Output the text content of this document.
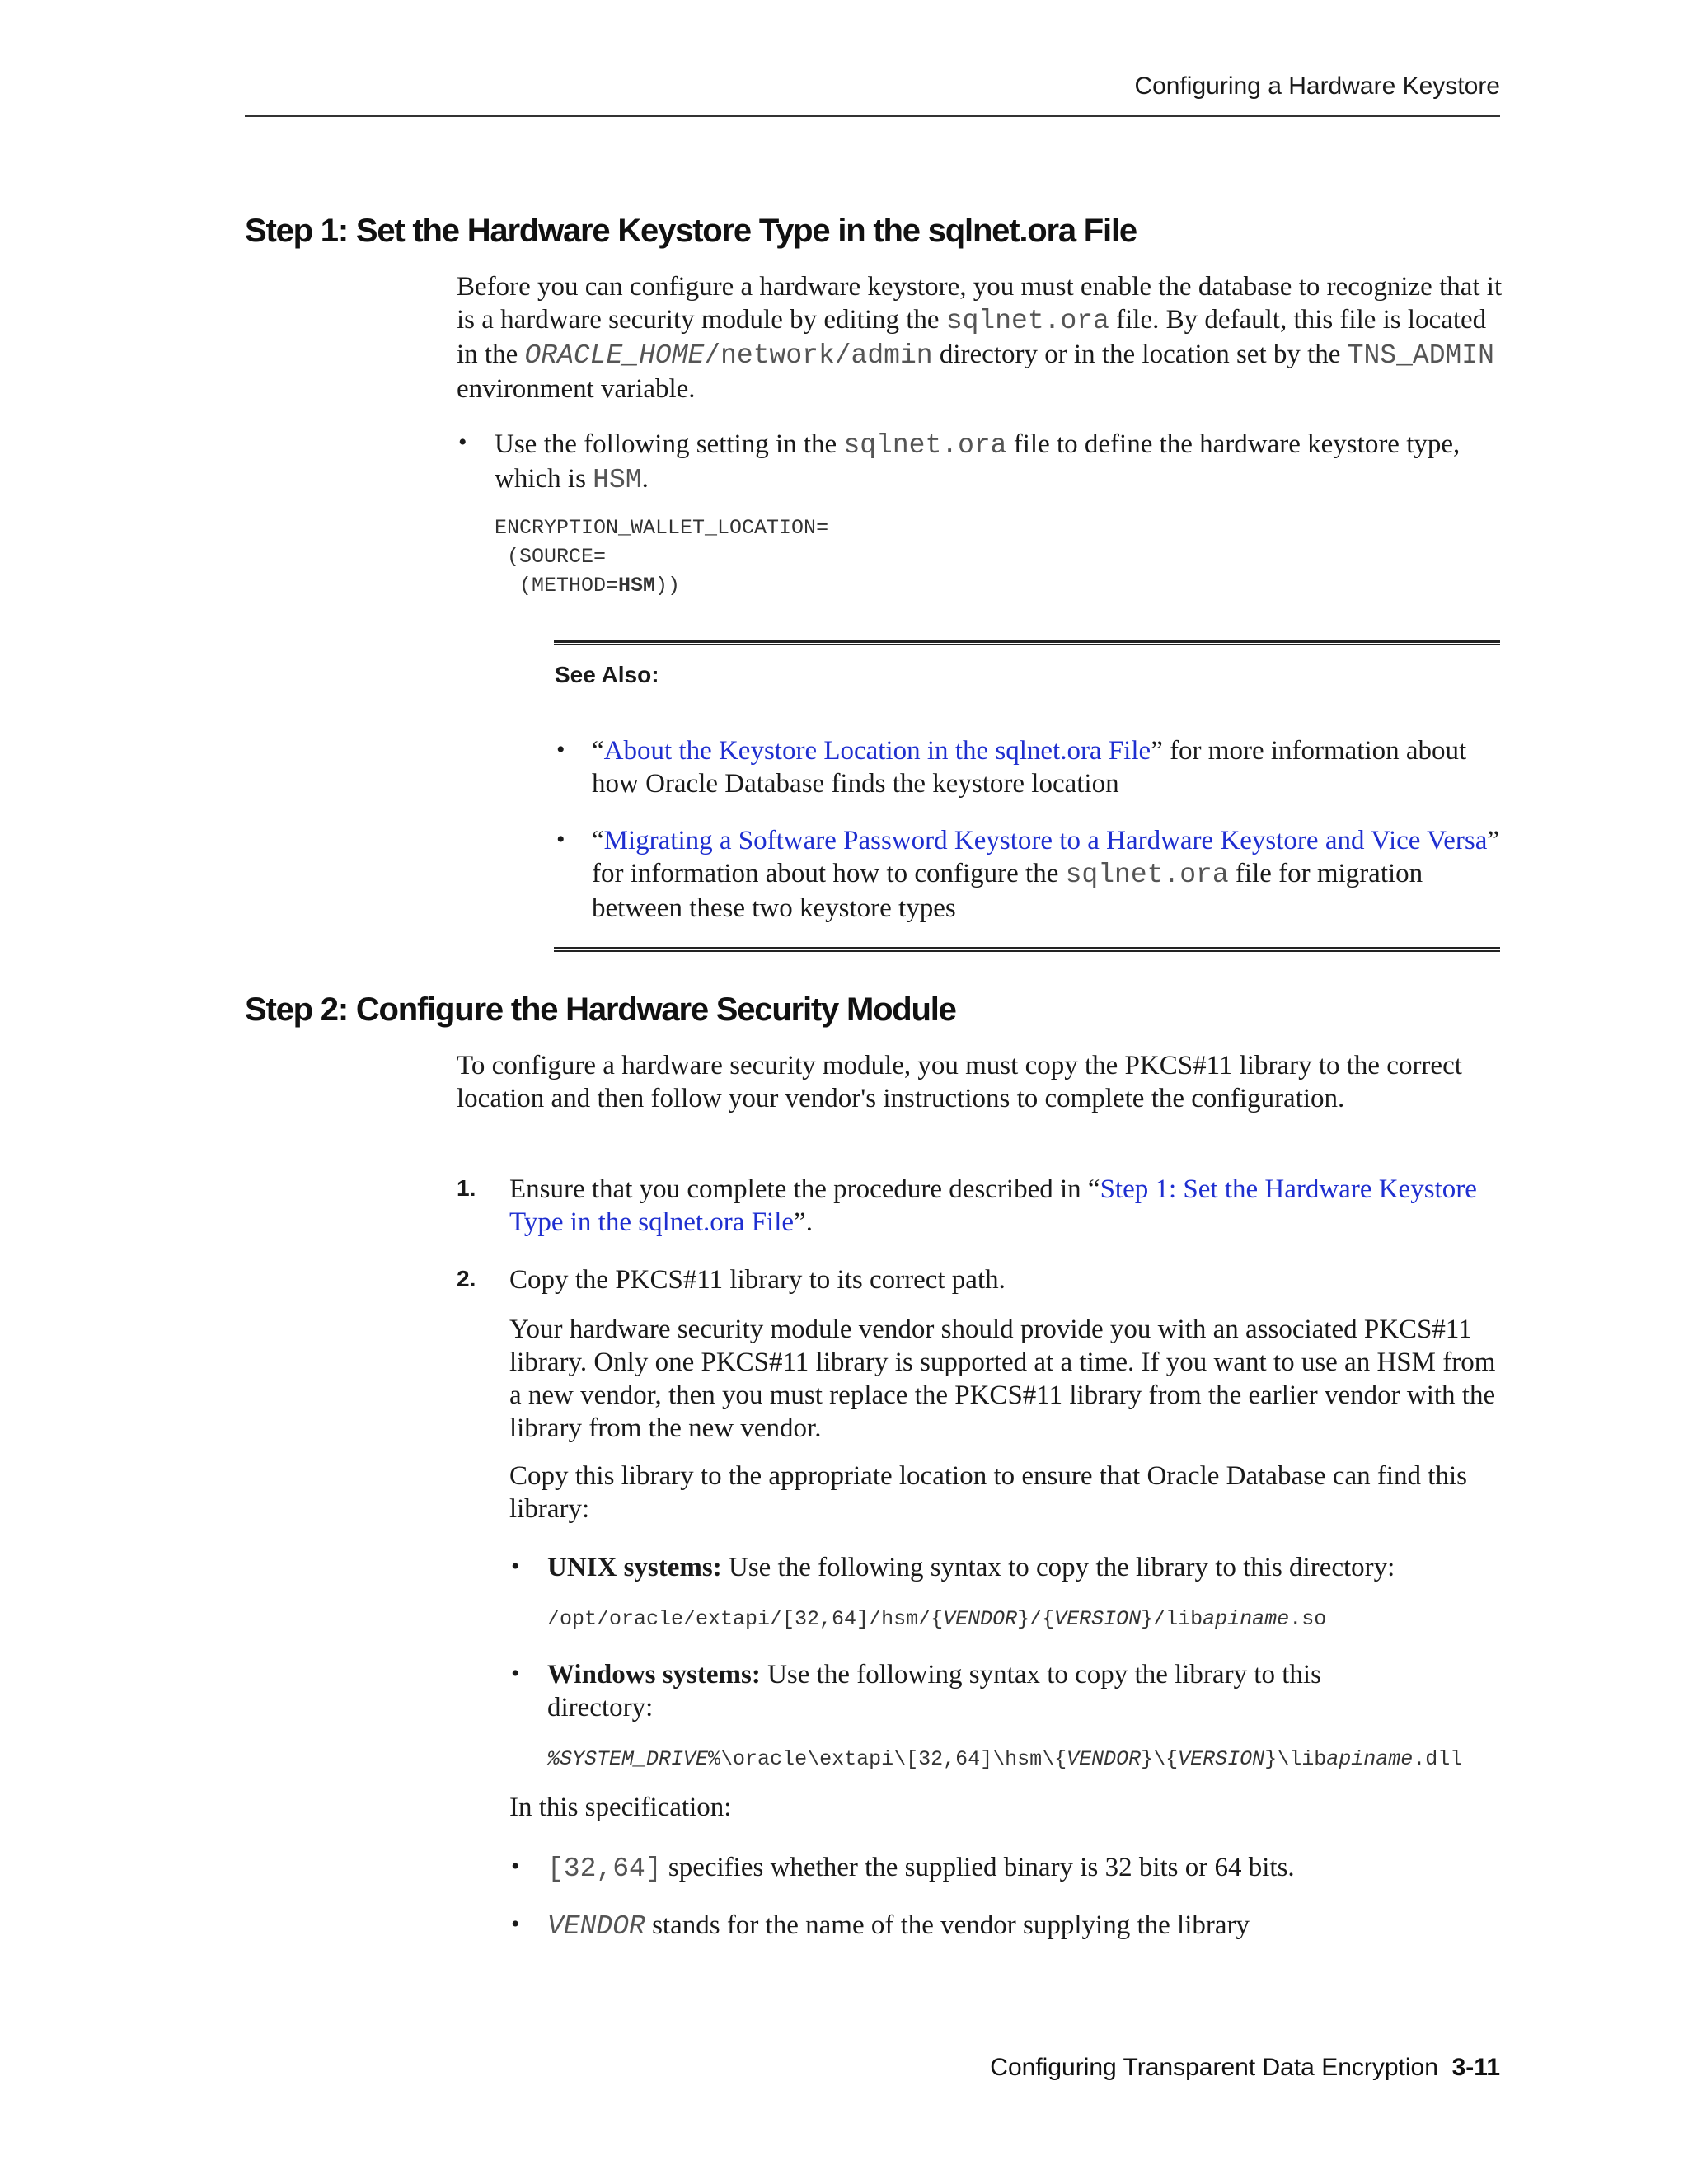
Configuring a Hardware Keystore
Step 1: Set the Hardware Keystore Type in the sqlnet.ora File

Before you can configure a hardware keystore, you must enable the database to recognize that it is a hardware security module by editing the sqlnet.ora file. By default, this file is located in the ORACLE_HOME/network/admin directory or in the location set by the TNS_ADMIN environment variable.

• Use the following setting in the sqlnet.ora file to define the hardware keystore type, which is HSM.

ENCRYPTION_WALLET_LOCATION=
(SOURCE=
(METHOD=HSM))
See Also:
• “About the Keystore Location in the sqlnet.ora File” for more information about how Oracle Database finds the keystore location

• “Migrating a Software Password Keystore to a Hardware Keystore and Vice Versa” for information about how to configure the sqlnet.ora file for migration between these two keystore types

Step 2: Configure the Hardware Security Module

To configure a hardware security module, you must copy the PKCS#11 library to the correct location and then follow your vendor's instructions to complete the configuration.

1. Ensure that you complete the procedure described in “Step 1: Set the Hardware Keystore Type in the sqlnet.ora File”.

2. Copy the PKCS#11 library to its correct path.

Your hardware security module vendor should provide you with an associated PKCS#11 library. Only one PKCS#11 library is supported at a time. If you want to use an HSM from a new vendor, then you must replace the PKCS#11 library from the earlier vendor with the library from the new vendor.

Copy this library to the appropriate location to ensure that Oracle Database can find this library:

• UNIX systems: Use the following syntax to copy the library to this directory:

/opt/oracle/extapi/[32,64]/hsm/{VENDOR}/{VERSION}/libapiname.so
• Windows systems: Use the following syntax to copy the library to this directory:

%SYSTEM_DRIVE%\oracle\extapi\[32,64]\hsm\{VENDOR}\{VERSION}\libapiname.dll

In this specification:

• [32,64] specifies whether the supplied binary is 32 bits or 64 bits.

• VENDOR stands for the name of the vendor supplying the library

Configuring Transparent Data Encryption 3-11
